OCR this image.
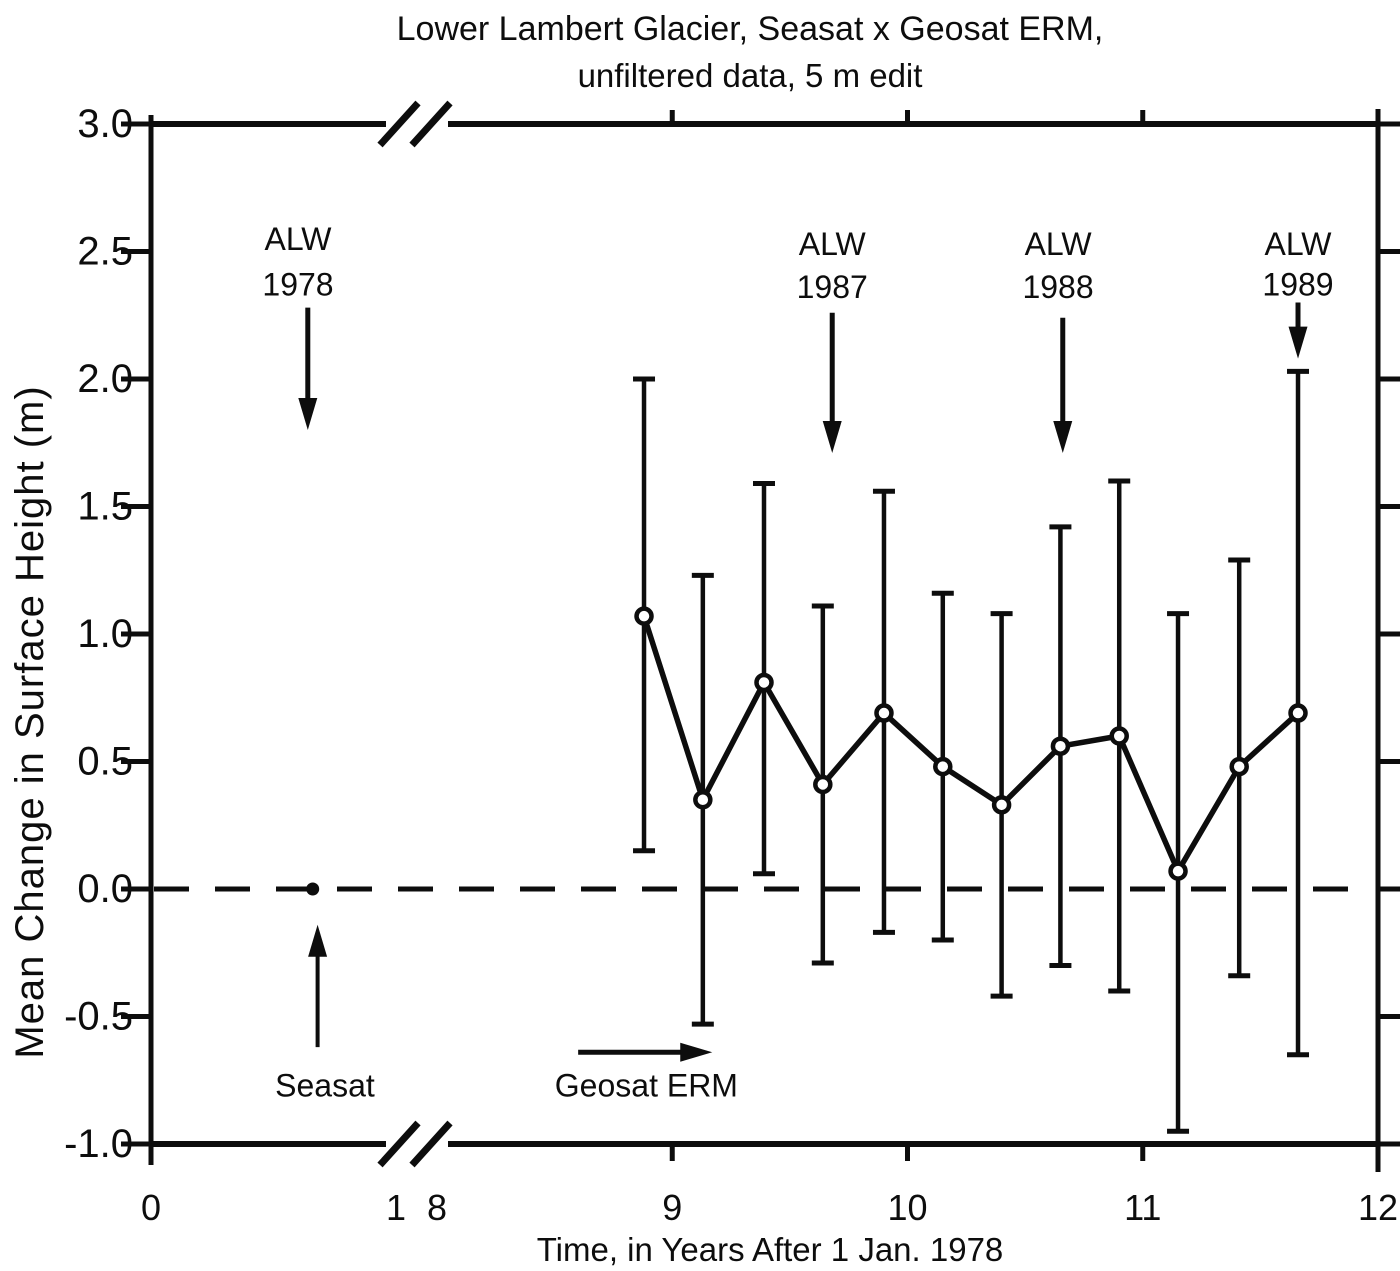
Lower Lambert Glacier, Seasat x Geosat ERM,
unfiltered data, 5 m edit
Mean Change in Surface Height (m)
Time, in Years After 1 Jan. 1978
3.0
2.5
2.0
1.5
1.0
0.5
0.0
-0.5
-1.0
0	1 8	9	10	11	12
ALW
1978
ALW
1987
ALW
1988
ALW
1989
Seasat	Geosat ERM
